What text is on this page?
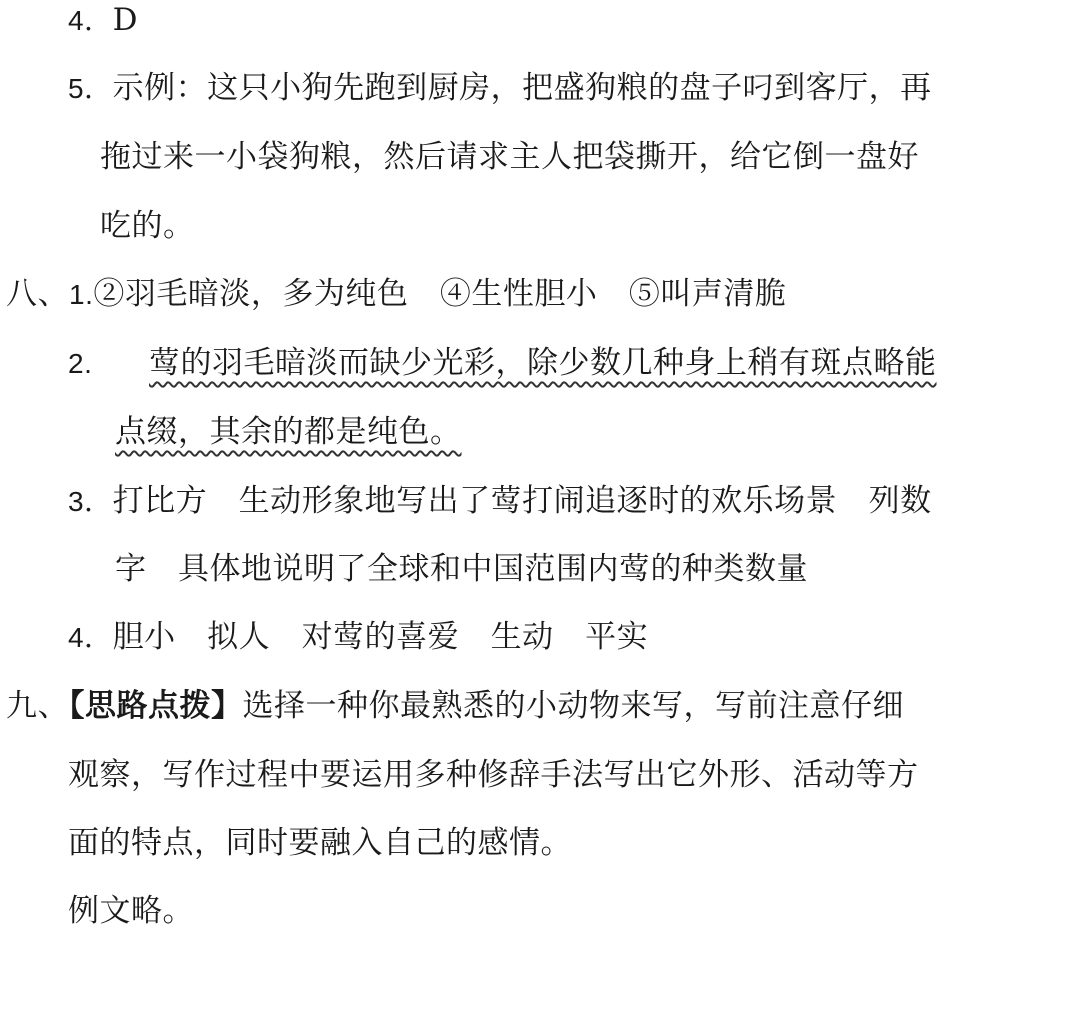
4．D
5．示例：这只小狗先跑到厨房，把盛狗粮的盘子叼到客厅，再
拖过来一小袋狗粮，然后请求主人把袋撕开，给它倒一盘好
吃的。
八、1.②羽毛暗淡，多为纯色　④生性胆小　⑤叫声清脆
2. 莺的羽毛暗淡而缺少光彩，除少数几种身上稍有斑点略能
点缀，其余的都是纯色。
3．打比方　生动形象地写出了莺打闹追逐时的欢乐场景　列数
字　具体地说明了全球和中国范围内莺的种类数量
4．胆小　拟人　对莺的喜爱　生动　平实
九、【思路点拨】选择一种你最熟悉的小动物来写，写前注意仔细
观察，写作过程中要运用多种修辞手法写出它外形、活动等方
面的特点，同时要融入自己的感情。
例文略。
